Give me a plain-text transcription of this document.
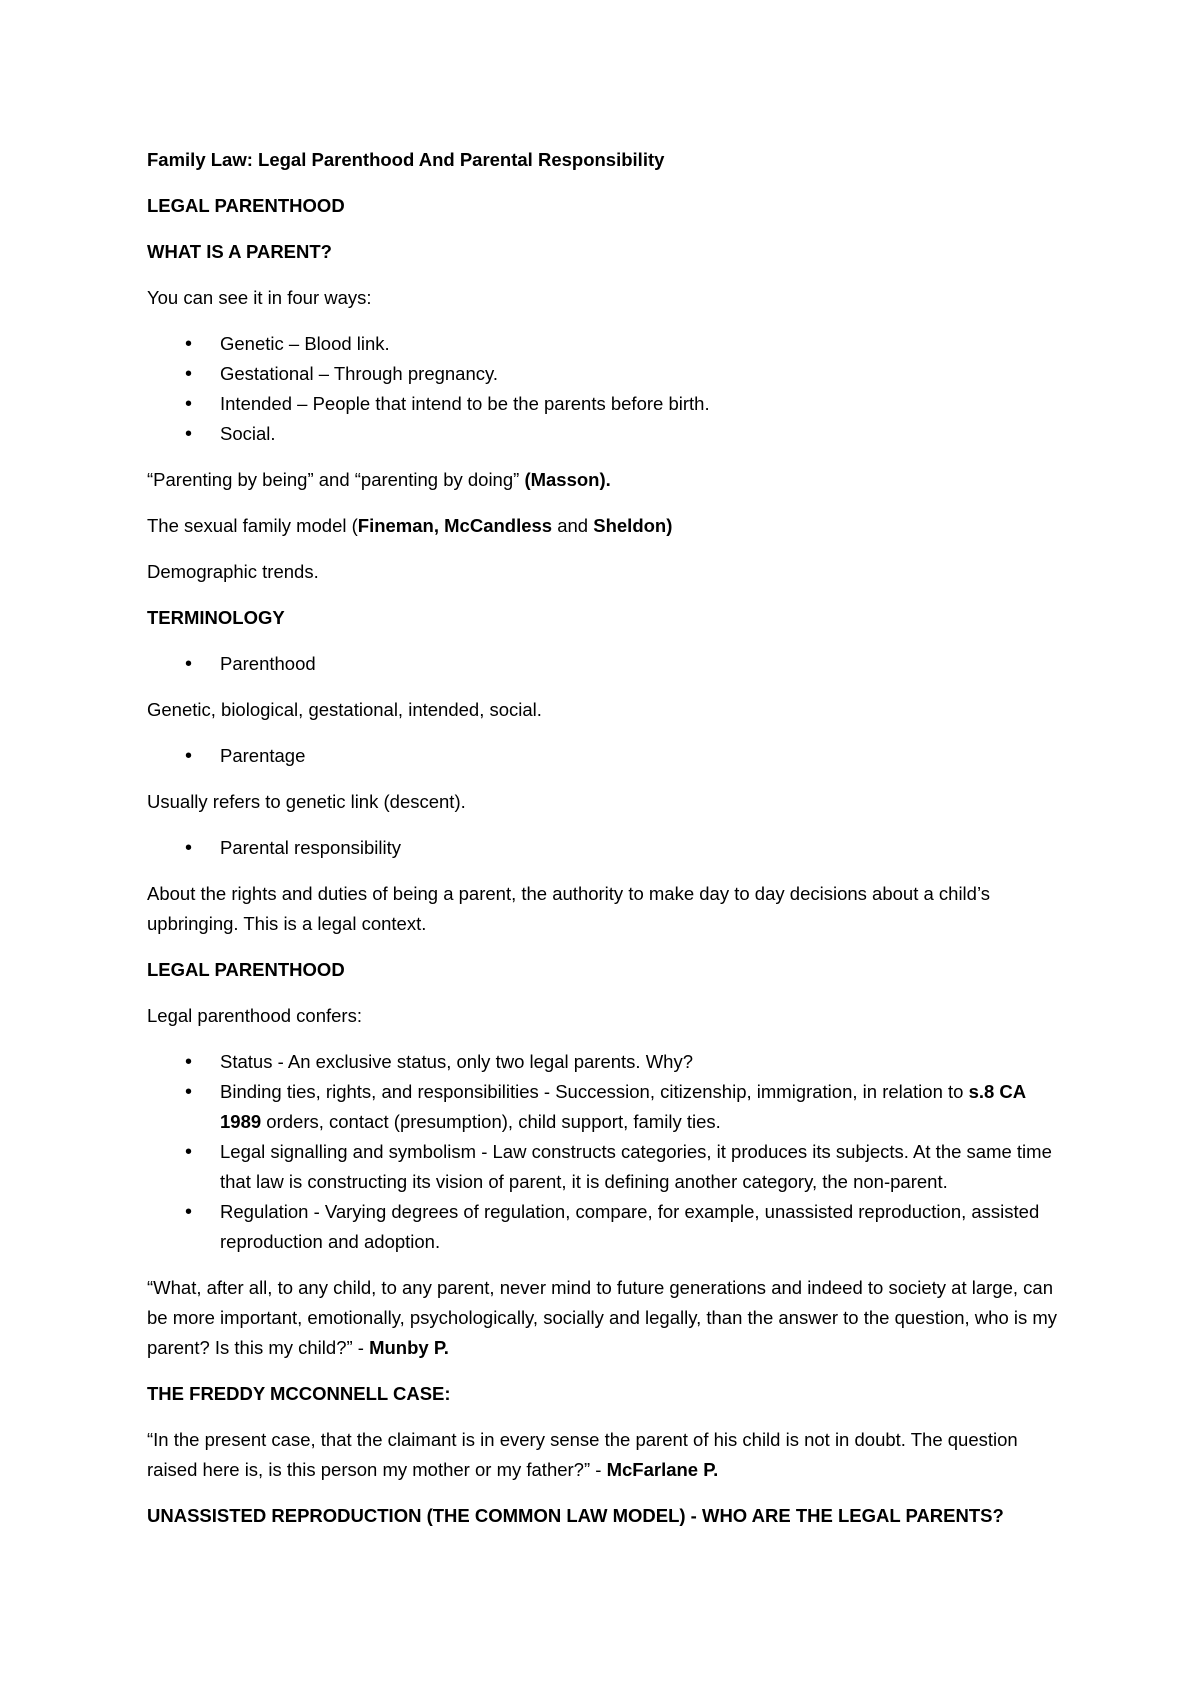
Family Law: Legal Parenthood And Parental Responsibility

LEGAL PARENTHOOD

WHAT IS A PARENT?

You can see it in four ways:

• Genetic – Blood link.
• Gestational – Through pregnancy.
• Intended – People that intend to be the parents before birth.
• Social.

“Parenting by being” and “parenting by doing” (Masson).

The sexual family model (Fineman, McCandless and Sheldon)

Demographic trends.

TERMINOLOGY

• Parenthood

Genetic, biological, gestational, intended, social.

• Parentage

Usually refers to genetic link (descent).

• Parental responsibility

About the rights and duties of being a parent, the authority to make day to day decisions about a child’s upbringing. This is a legal context.

LEGAL PARENTHOOD

Legal parenthood confers:

• Status - An exclusive status, only two legal parents. Why?
• Binding ties, rights, and responsibilities - Succession, citizenship, immigration, in relation to s.8 CA 1989 orders, contact (presumption), child support, family ties.
• Legal signalling and symbolism - Law constructs categories, it produces its subjects. At the same time that law is constructing its vision of parent, it is defining another category, the non-parent.
• Regulation - Varying degrees of regulation, compare, for example, unassisted reproduction, assisted reproduction and adoption.

“What, after all, to any child, to any parent, never mind to future generations and indeed to society at large, can be more important, emotionally, psychologically, socially and legally, than the answer to the question, who is my parent? Is this my child?” - Munby P.

THE FREDDY MCCONNELL CASE:

“In the present case, that the claimant is in every sense the parent of his child is not in doubt. The question raised here is, is this person my mother or my father?” - McFarlane P.

UNASSISTED REPRODUCTION (THE COMMON LAW MODEL) - WHO ARE THE LEGAL PARENTS?
